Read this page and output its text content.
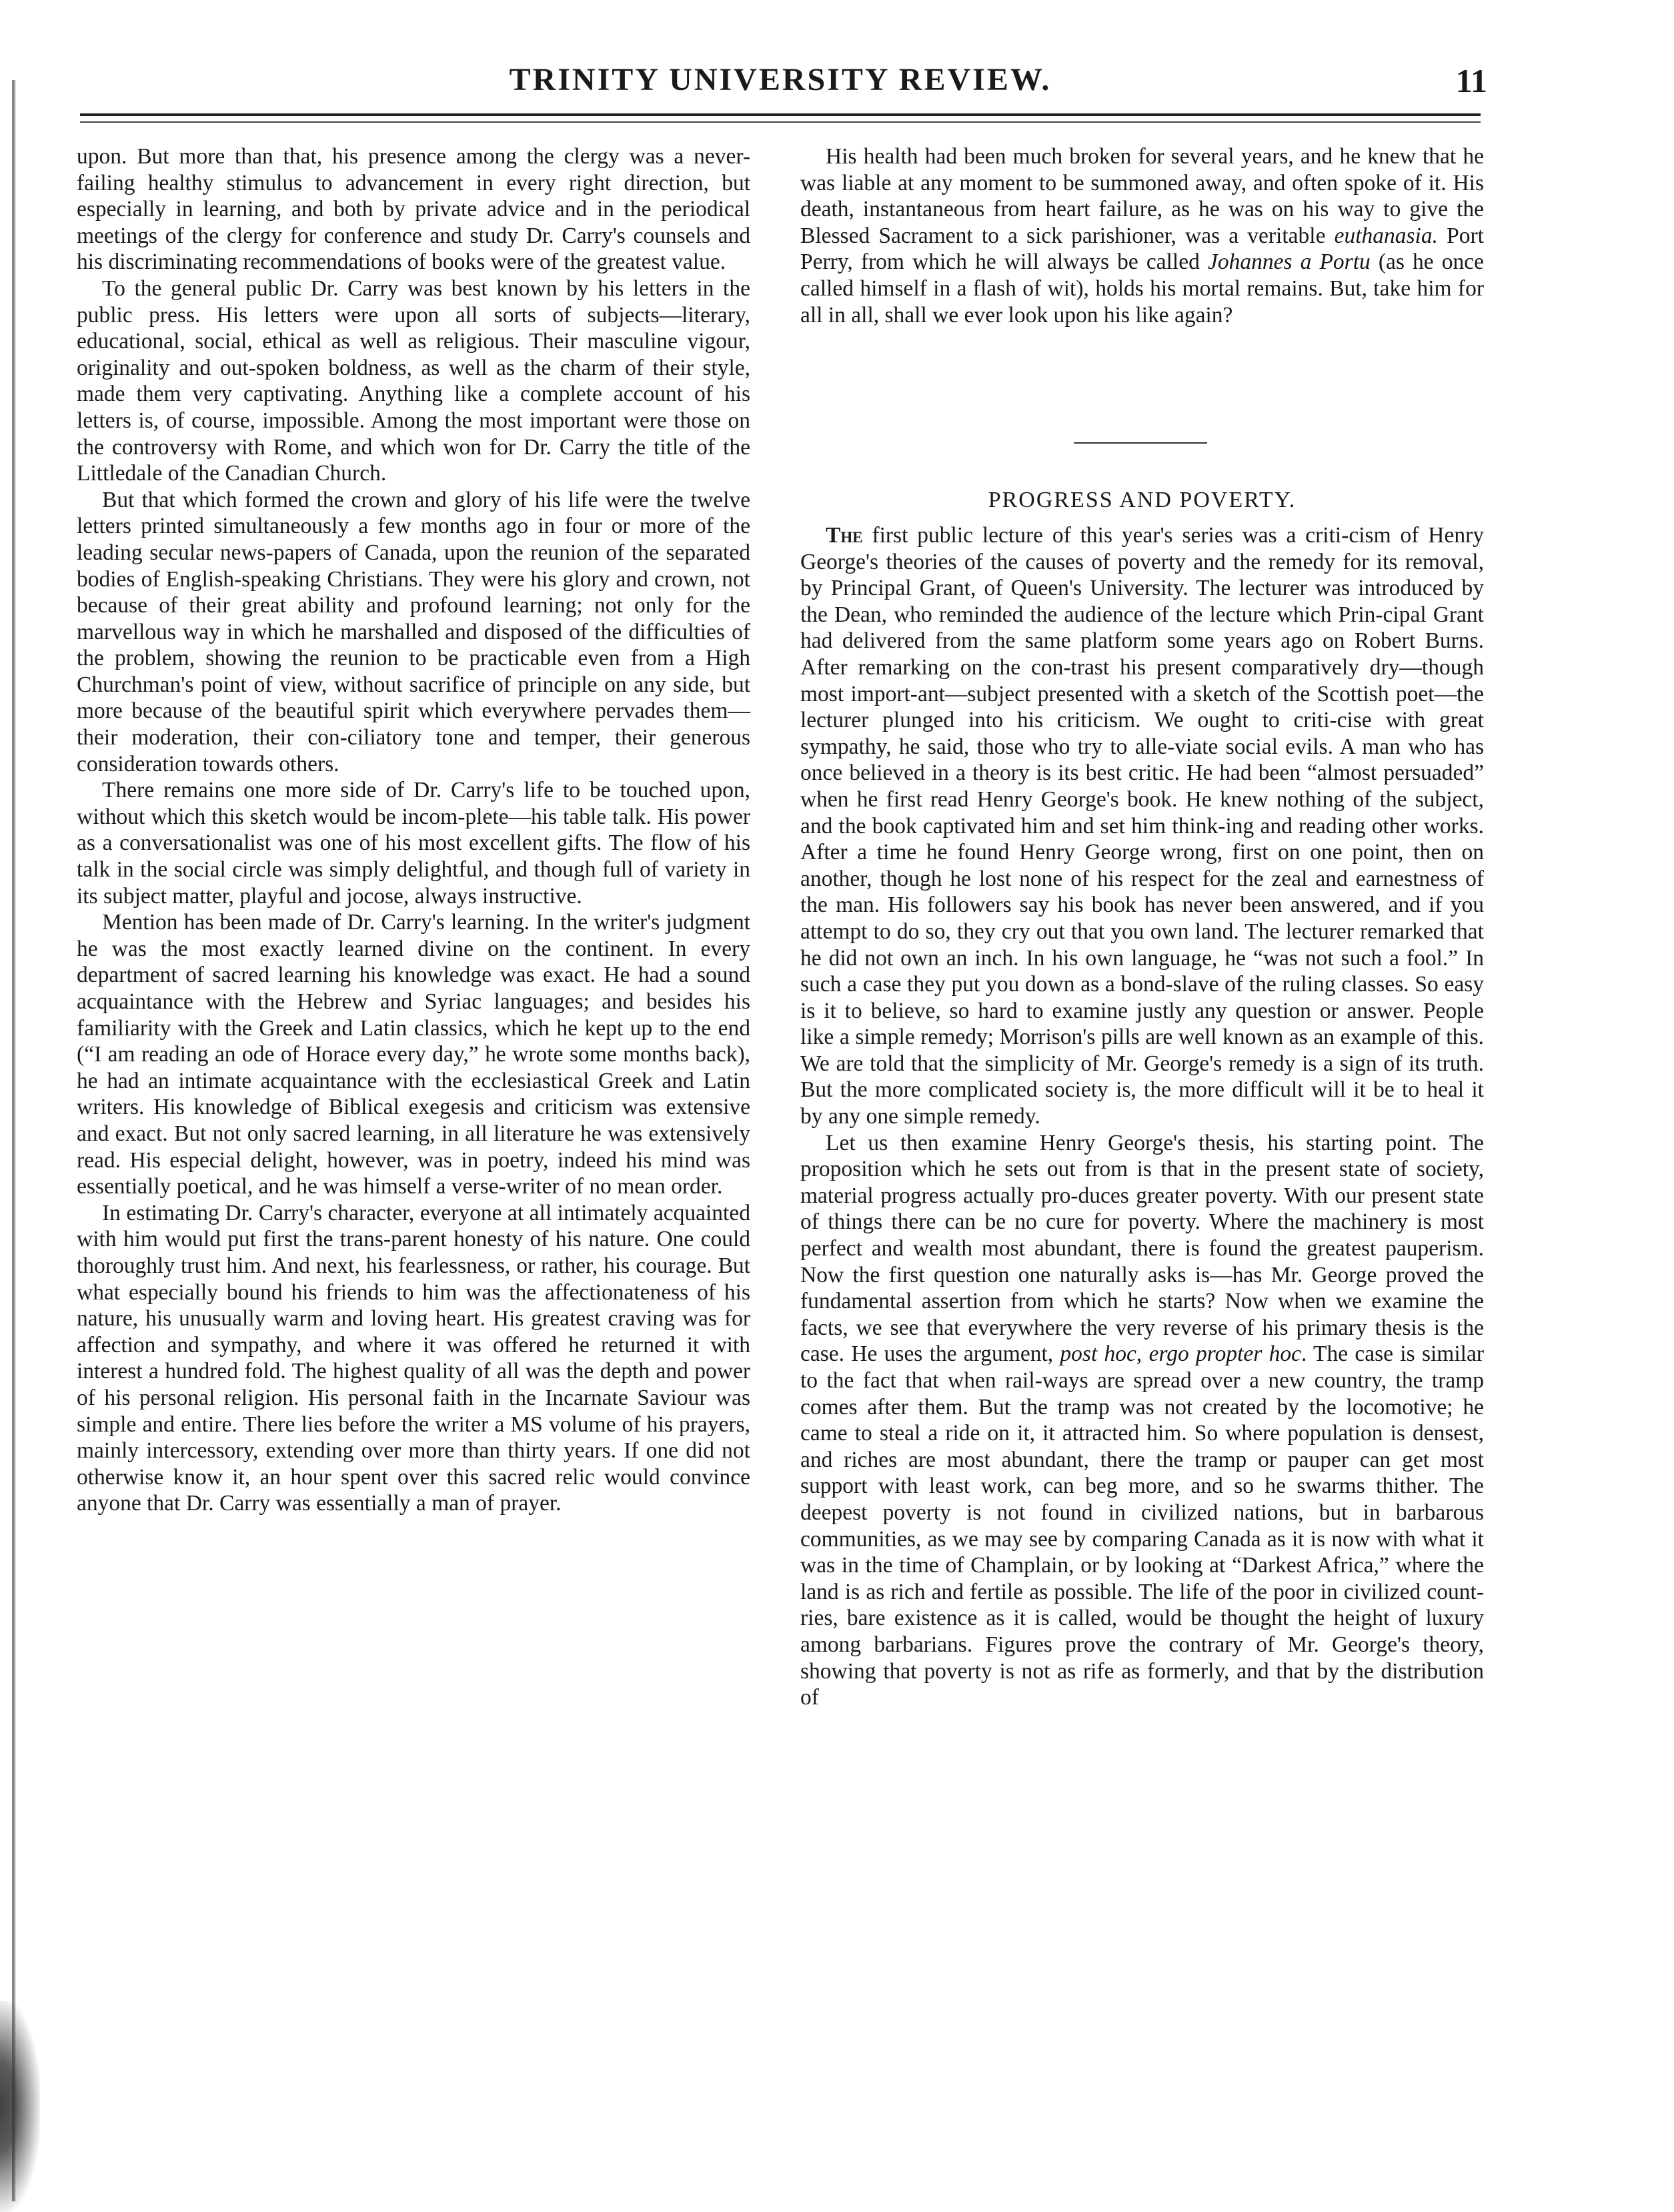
TRINITY UNIVERSITY REVIEW.	11

upon. But more than that, his presence among the clergy was a never-failing healthy stimulus to advancement in every right direction, but especially in learning, and both by private advice and in the periodical meetings of the clergy for conference and study Dr. Carry's counsels and his discriminating recommendations of books were of the greatest value.

To the general public Dr. Carry was best known by his letters in the public press. His letters were upon all sorts of subjects—literary, educational, social, ethical as well as religious. Their masculine vigour, originality and out-spoken boldness, as well as the charm of their style, made them very captivating. Anything like a complete account of his letters is, of course, impossible. Among the most important were those on the controversy with Rome, and which won for Dr. Carry the title of the Littledale of the Canadian Church.

But that which formed the crown and glory of his life were the twelve letters printed simultaneously a few months ago in four or more of the leading secular news-papers of Canada, upon the reunion of the separated bodies of English-speaking Christians. They were his glory and crown, not because of their great ability and profound learning; not only for the marvellous way in which he marshalled and disposed of the difficulties of the problem, showing the reunion to be practicable even from a High Churchman's point of view, without sacrifice of principle on any side, but more because of the beautiful spirit which everywhere pervades them—their moderation, their con-ciliatory tone and temper, their generous consideration towards others.

There remains one more side of Dr. Carry's life to be touched upon, without which this sketch would be incom-plete—his table talk. His power as a conversationalist was one of his most excellent gifts. The flow of his talk in the social circle was simply delightful, and though full of variety in its subject matter, playful and jocose, always instructive.

Mention has been made of Dr. Carry's learning. In the writer's judgment he was the most exactly learned divine on the continent. In every department of sacred learning his knowledge was exact. He had a sound acquaintance with the Hebrew and Syriac languages; and besides his familiarity with the Greek and Latin classics, which he kept up to the end (“I am reading an ode of Horace every day,” he wrote some months back), he had an intimate acquaintance with the ecclesiastical Greek and Latin writers. His knowledge of Biblical exegesis and criticism was extensive and exact. But not only sacred learning, in all literature he was extensively read. His especial delight, however, was in poetry, indeed his mind was essentially poetical, and he was himself a verse-writer of no mean order.

In estimating Dr. Carry's character, everyone at all intimately acquainted with him would put first the trans-parent honesty of his nature. One could thoroughly trust him. And next, his fearlessness, or rather, his courage. But what especially bound his friends to him was the affectionateness of his nature, his unusually warm and loving heart. His greatest craving was for affection and sympathy, and where it was offered he returned it with interest a hundred fold. The highest quality of all was the depth and power of his personal religion. His personal faith in the Incarnate Saviour was simple and entire. There lies before the writer a MS volume of his prayers, mainly intercessory, extending over more than thirty years. If one did not otherwise know it, an hour spent over this sacred relic would convince anyone that Dr. Carry was essentially a man of prayer.

His health had been much broken for several years, and he knew that he was liable at any moment to be summoned away, and often spoke of it. His death, instantaneous from heart failure, as he was on his way to give the Blessed Sacrament to a sick parishioner, was a veritable euthanasia. Port Perry, from which he will always be called Johannes a Portu (as he once called himself in a flash of wit), holds his mortal remains. But, take him for all in all, shall we ever look upon his like again?

PROGRESS AND POVERTY.

The first public lecture of this year's series was a criti-cism of Henry George's theories of the causes of poverty and the remedy for its removal, by Principal Grant, of Queen's University. The lecturer was introduced by the Dean, who reminded the audience of the lecture which Prin-cipal Grant had delivered from the same platform some years ago on Robert Burns. After remarking on the con-trast his present comparatively dry—though most import-ant—subject presented with a sketch of the Scottish poet—the lecturer plunged into his criticism. We ought to criti-cise with great sympathy, he said, those who try to alle-viate social evils. A man who has once believed in a theory is its best critic. He had been “almost persuaded” when he first read Henry George's book. He knew nothing of the subject, and the book captivated him and set him think-ing and reading other works. After a time he found Henry George wrong, first on one point, then on another, though he lost none of his respect for the zeal and earnestness of the man. His followers say his book has never been answered, and if you attempt to do so, they cry out that you own land. The lecturer remarked that he did not own an inch. In his own language, he “was not such a fool.” In such a case they put you down as a bond-slave of the ruling classes. So easy is it to believe, so hard to examine justly any question or answer. People like a simple remedy; Morrison's pills are well known as an example of this. We are told that the simplicity of Mr. George's remedy is a sign of its truth. But the more complicated society is, the more difficult will it be to heal it by any one simple remedy.

Let us then examine Henry George's thesis, his starting point. The proposition which he sets out from is that in the present state of society, material progress actually pro-duces greater poverty. With our present state of things there can be no cure for poverty. Where the machinery is most perfect and wealth most abundant, there is found the greatest pauperism. Now the first question one naturally asks is—has Mr. George proved the fundamental assertion from which he starts? Now when we examine the facts, we see that everywhere the very reverse of his primary thesis is the case. He uses the argument, post hoc, ergo propter hoc. The case is similar to the fact that when rail-ways are spread over a new country, the tramp comes after them. But the tramp was not created by the locomotive; he came to steal a ride on it, it attracted him. So where population is densest, and riches are most abundant, there the tramp or pauper can get most support with least work, can beg more, and so he swarms thither. The deepest poverty is not found in civilized nations, but in barbarous communities, as we may see by comparing Canada as it is now with what it was in the time of Champlain, or by looking at “Darkest Africa,” where the land is as rich and fertile as possible. The life of the poor in civilized count-ries, bare existence as it is called, would be thought the height of luxury among barbarians. Figures prove the contrary of Mr. George's theory, showing that poverty is not as rife as formerly, and that by the distribution of
